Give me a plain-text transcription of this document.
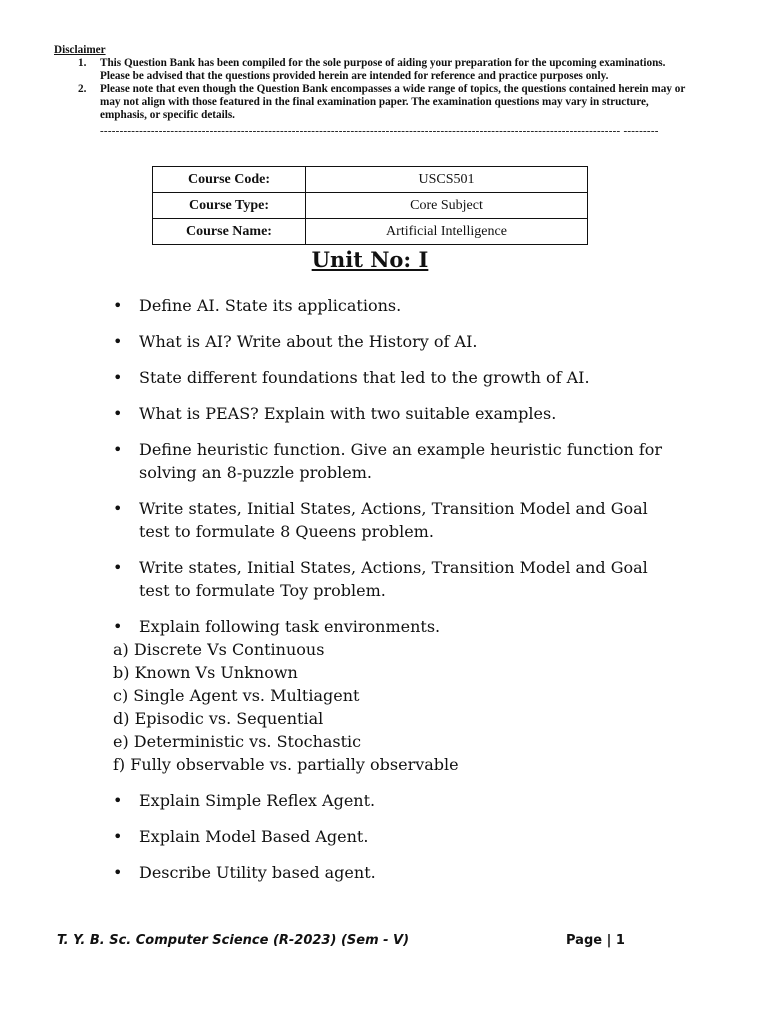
Disclaimer
1. This Question Bank has been compiled for the sole purpose of aiding your preparation for the upcoming examinations. Please be advised that the questions provided herein are intended for reference and practice purposes only.
2. Please note that even though the Question Bank encompasses a wide range of topics, the questions contained herein may or may not align with those featured in the final examination paper. The examination questions may vary in structure, emphasis, or specific details.
------------------------------------------------------------------------------------------------------------------------------------- ---------
Course Code:	USCS501
Course Type:	Core Subject
Course Name:	Artificial Intelligence
Unit No: I
• Define AI. State its applications.
• What is AI? Write about the History of AI.
• State different foundations that led to the growth of AI.
• What is PEAS? Explain with two suitable examples.
• Define heuristic function. Give an example heuristic function for solving an 8-puzzle problem.
• Write states, Initial States, Actions, Transition Model and Goal test to formulate 8 Queens problem.
• Write states, Initial States, Actions, Transition Model and Goal test to formulate Toy problem.
• Explain following task environments.
a) Discrete Vs Continuous
b) Known Vs Unknown
c) Single Agent vs. Multiagent
d) Episodic vs. Sequential
e) Deterministic vs. Stochastic
f) Fully observable vs. partially observable
• Explain Simple Reflex Agent.
• Explain Model Based Agent.
• Describe Utility based agent.
T. Y. B. Sc. Computer Science (R-2023) (Sem - V)	Page | 1
